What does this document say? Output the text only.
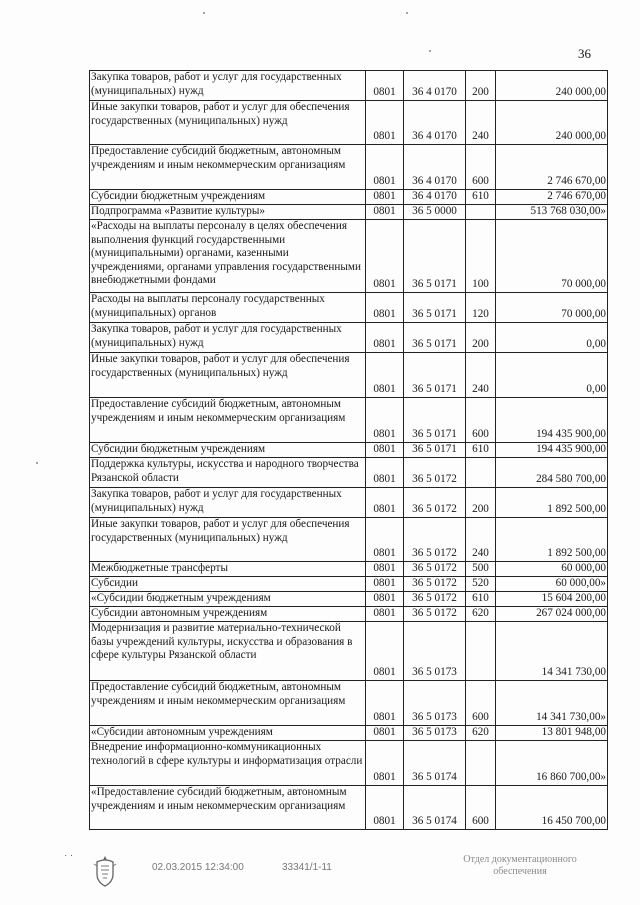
36
Закупка товаров, работ и услуг для государственных (муниципальных) нужд	0801	36 4 0170	200	240 000,00
Иные закупки товаров, работ и услуг для обеспечения государственных (муниципальных) нужд	0801	36 4 0170	240	240 000,00
Предоставление субсидий бюджетным, автономным учреждениям и иным некоммерческим организациям	0801	36 4 0170	600	2 746 670,00
Субсидии бюджетным учреждениям	0801	36 4 0170	610	2 746 670,00
Подпрограмма «Развитие культуры»	0801	36 5 0000		513 768 030,00»
«Расходы на выплаты персоналу в целях обеспечения выполнения функций государственными (муниципальными) органами, казенными учреждениями, органами управления государственными внебюджетными фондами	0801	36 5 0171	100	70 000,00
Расходы на выплаты персоналу государственных (муниципальных) органов	0801	36 5 0171	120	70 000,00
Закупка товаров, работ и услуг для государственных (муниципальных) нужд	0801	36 5 0171	200	0,00
Иные закупки товаров, работ и услуг для обеспечения государственных (муниципальных) нужд	0801	36 5 0171	240	0,00
Предоставление субсидий бюджетным, автономным учреждениям и иным некоммерческим организациям	0801	36 5 0171	600	194 435 900,00
Субсидии бюджетным учреждениям	0801	36 5 0171	610	194 435 900,00
Поддержка культуры, искусства и народного творчества Рязанской области	0801	36 5 0172		284 580 700,00
Закупка товаров, работ и услуг для государственных (муниципальных) нужд	0801	36 5 0172	200	1 892 500,00
Иные закупки товаров, работ и услуг для обеспечения государственных (муниципальных) нужд	0801	36 5 0172	240	1 892 500,00
Межбюджетные трансферты	0801	36 5 0172	500	60 000,00
Субсидии	0801	36 5 0172	520	60 000,00»
«Субсидии бюджетным учреждениям	0801	36 5 0172	610	15 604 200,00
Субсидии автономным учреждениям	0801	36 5 0172	620	267 024 000,00
Модернизация и развитие материально-технической базы учреждений культуры, искусства и образования в сфере культуры Рязанской области	0801	36 5 0173		14 341 730,00
Предоставление субсидий бюджетным, автономным учреждениям и иным некоммерческим организациям	0801	36 5 0173	600	14 341 730,00»
«Субсидии автономным учреждениям	0801	36 5 0173	620	13 801 948,00
Внедрение информационно-коммуникационных технологий в сфере культуры и информатизация отрасли	0801	36 5 0174		16 860 700,00»
«Предоставление субсидий бюджетным, автономным учреждениям и иным некоммерческим организациям	0801	36 5 0174	600	16 450 700,00
˙ ˙
02.03.2015 12:34:00	33341/1-11
Отдел документационного
обеспечения
